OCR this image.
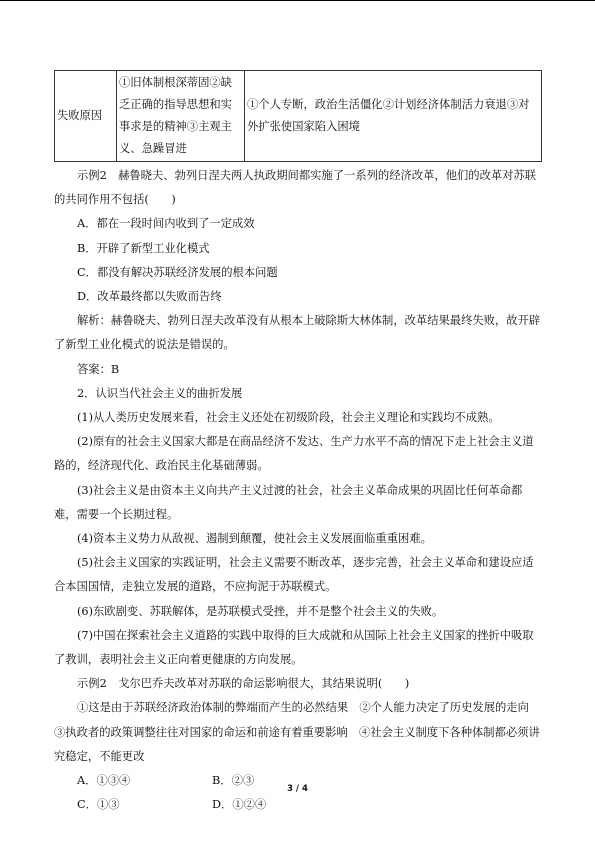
失败原因	①旧体制根深蒂固②缺乏正确的指导思想和实事求是的精神③主观主义、急躁冒进	①个人专断，政治生活僵化②计划经济体制活力衰退③对外扩张使国家陷入困境

示例2　赫鲁晓夫、勃列日涅夫两人执政期间都实施了一系列的经济改革，他们的改革对苏联的共同作用不包括(　　)

A．都在一段时间内收到了一定成效

B．开辟了新型工业化模式

C．都没有解决苏联经济发展的根本问题

D．改革最终都以失败而告终

解析：赫鲁晓夫、勃列日涅夫改革没有从根本上破除斯大林体制，改革结果最终失败，故开辟了新型工业化模式的说法是错误的。

答案：B

2．认识当代社会主义的曲折发展

(1)从人类历史发展来看，社会主义还处在初级阶段，社会主义理论和实践均不成熟。

(2)原有的社会主义国家大都是在商品经济不发达、生产力水平不高的情况下走上社会主义道路的，经济现代化、政治民主化基础薄弱。

(3)社会主义是由资本主义向共产主义过渡的社会，社会主义革命成果的巩固比任何革命都难，需要一个长期过程。

(4)资本主义势力从敌视、遏制到颠覆，使社会主义发展面临重重困难。

(5)社会主义国家的实践证明，社会主义需要不断改革，逐步完善，社会主义革命和建设应适合本国国情，走独立发展的道路，不应拘泥于苏联模式。

(6)东欧剧变、苏联解体，是苏联模式受挫，并不是整个社会主义的失败。

(7)中国在探索社会主义道路的实践中取得的巨大成就和从国际上社会主义国家的挫折中吸取了教训，表明社会主义正向着更健康的方向发展。

示例2　戈尔巴乔夫改革对苏联的命运影响很大，其结果说明(　　)

①这是由于苏联经济政治体制的弊端而产生的必然结果　②个人能力决定了历史发展的走向　③执政者的政策调整往往对国家的命运和前途有着重要影响　④社会主义制度下各种体制都必须讲究稳定，不能更改

A．①③④	B．②③
C．①③	D．①②④
3 / 4
